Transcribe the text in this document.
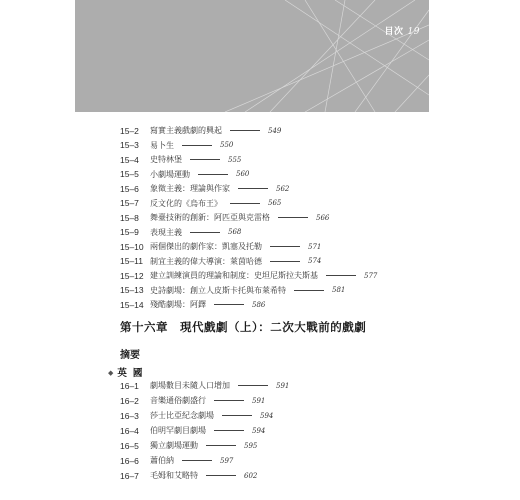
目次 19
15–2	寫實主義戲劇的興起	549
15–3	易卜生	550
15–4	史特林堡	555
15–5	小劇場運動	560
15–6	象徵主義：理論與作家	562
15–7	反文化的《烏布王》	565
15–8	舞臺技術的創新：阿匹亞與克雷格	566
15–9	表現主義	568
15–10 兩個傑出的劇作家：凱塞及托勒	571
15–11 制宜主義的偉大導演：萊茵哈德	574
15–12 建立訓練演員的理論和制度：史坦尼斯拉夫斯基	577
15–13 史詩劇場：創立人皮斯卡托與布萊希特	581
15–14 殘酷劇場：阿鐸	586
第十六章　現代戲劇（上）：二次大戰前的戲劇
摘要
◆ 英國
16–1	劇場數目未隨人口增加	591
16–2	音樂通俗劇盛行	591
16–3	莎士比亞紀念劇場	594
16–4	伯明罕劇目劇場	594
16–5	獨立劇場運動	595
16–6	蕭伯納	597
16–7	毛姆和艾略特	602
